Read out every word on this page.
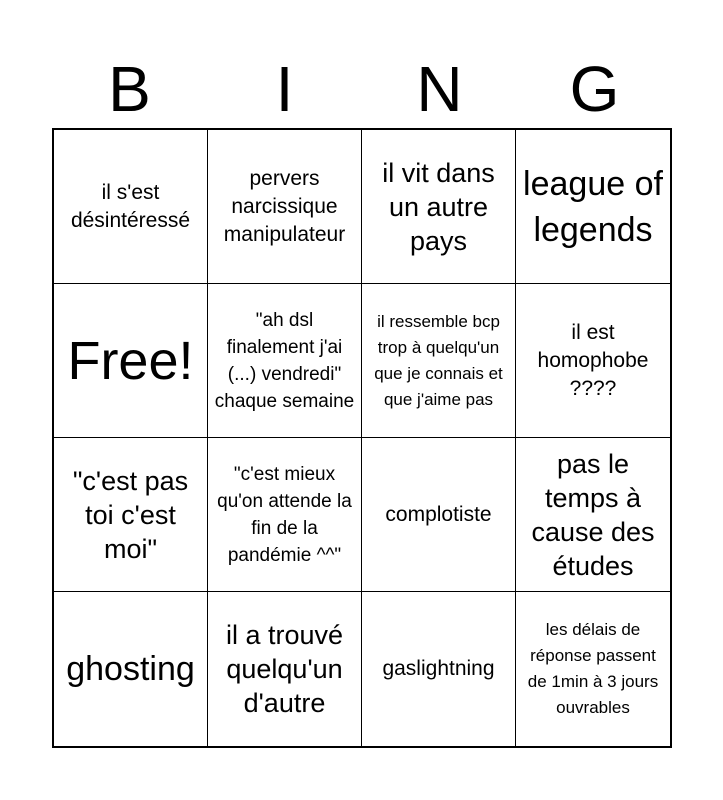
B	I	N	G
il s'est désintéressé
pervers narcissique manipulateur
il vit dans un autre pays
league of legends
Free!
"ah dsl finalement j'ai (...) vendredi" chaque semaine
il ressemble bcp trop à quelqu'un que je connais et que j'aime pas
il est homophobe ????
"c'est pas toi c'est moi"
"c'est mieux qu'on attende la fin de la pandémie ^^"
complotiste
pas le temps à cause des études
ghosting
il a trouvé quelqu'un d'autre
gaslightning
les délais de réponse passent de 1min à 3 jours ouvrables
